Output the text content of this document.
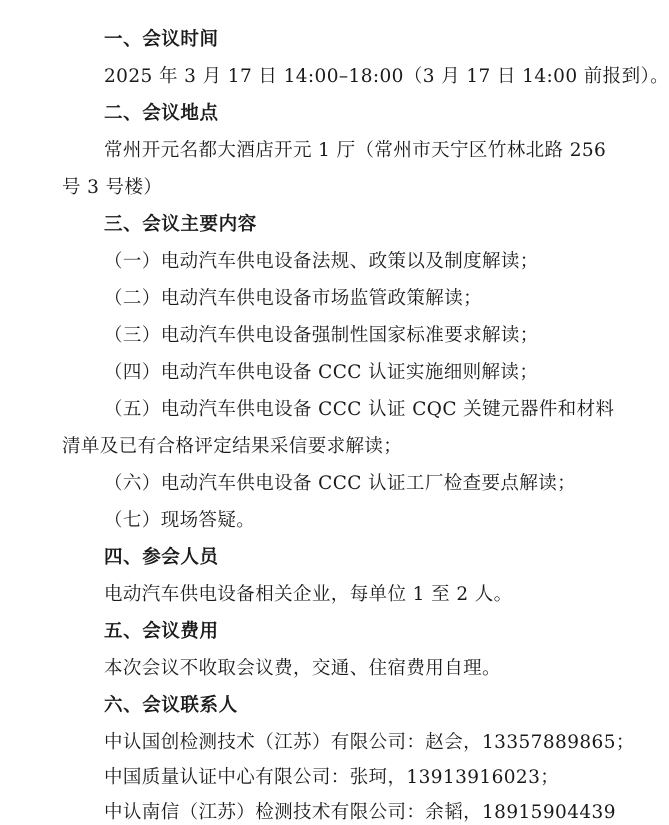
一、会议时间
2025 年 3 月 17 日 14:00–18:00（3 月 17 日 14:00 前报到）。
二、会议地点
常州开元名都大酒店开元 1 厅（常州市天宁区竹林北路 256
号 3 号楼）
三、会议主要内容
（一）电动汽车供电设备法规、政策以及制度解读；
（二）电动汽车供电设备市场监管政策解读；
（三）电动汽车供电设备强制性国家标准要求解读；
（四）电动汽车供电设备 CCC 认证实施细则解读；
（五）电动汽车供电设备 CCC 认证 CQC 关键元器件和材料
清单及已有合格评定结果采信要求解读；
（六）电动汽车供电设备 CCC 认证工厂检查要点解读；
（七）现场答疑。
四、参会人员
电动汽车供电设备相关企业，每单位 1 至 2 人。
五、会议费用
本次会议不收取会议费，交通、住宿费用自理。
六、会议联系人
中认国创检测技术（江苏）有限公司：赵会，13357889865；
中国质量认证中心有限公司：张珂，13913916023；
中认南信（江苏）检测技术有限公司：余韬，18915904439
